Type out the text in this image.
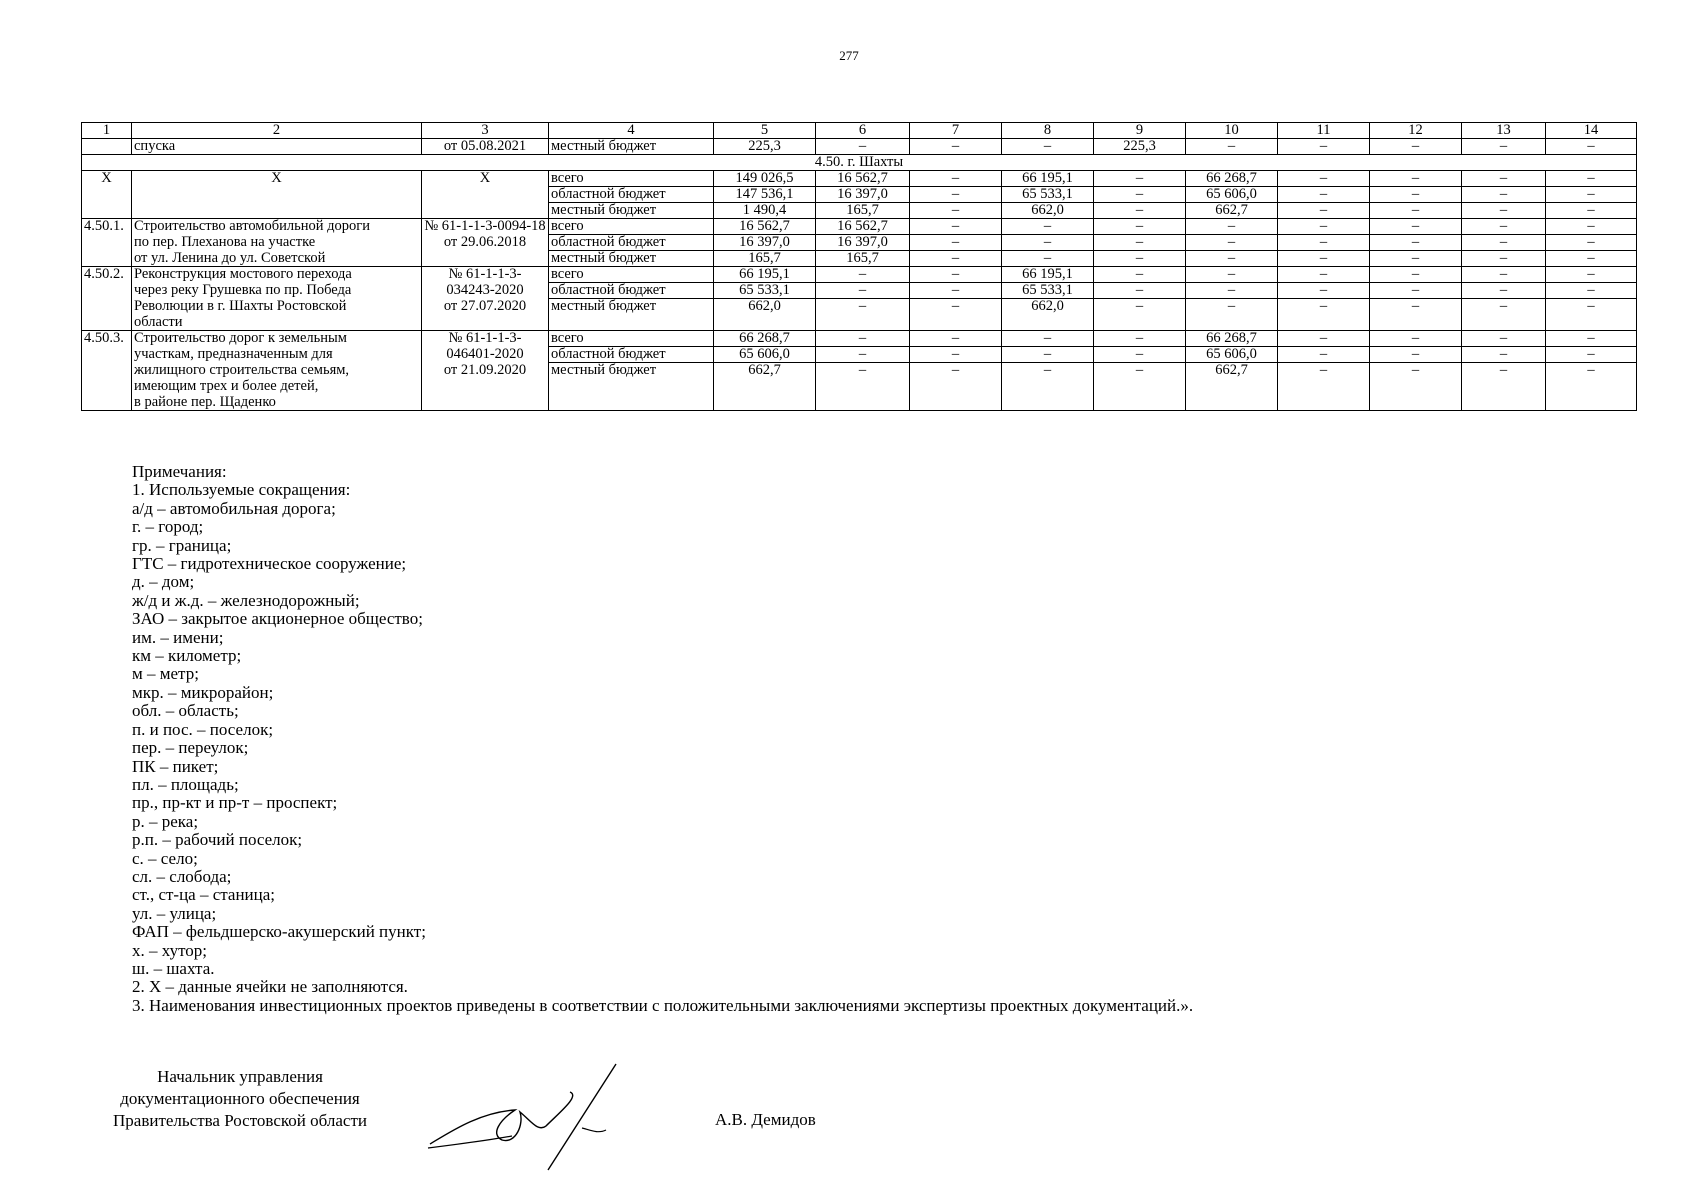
277
1	2	3	4	5	6	7	8	9	10	11	12	13	14
	спуска	от 05.08.2021	местный бюджет	225,3	–	–	–	225,3	–	–	–	–	–
4.50. г. Шахты													
X	X	X	всего	149 026,5	16 562,7	–	66 195,1	–	66 268,7	–	–	–	–
			областной бюджет	147 536,1	16 397,0	–	65 533,1	–	65 606,0	–	–	–	–
			местный бюджет	1 490,4	165,7	–	662,0	–	662,7	–	–	–	–
4.50.1.	Строительство автомобильной дороги	№ 61-1-1-3-0094-18	всего	16 562,7	16 562,7	–	–	–	–	–	–	–	–
	по пер. Плеханова на участке	от 29.06.2018	областной бюджет	16 397,0	16 397,0	–	–	–	–	–	–	–	–
	от ул. Ленина до ул. Советской		местный бюджет	165,7	165,7	–	–	–	–	–	–	–	–
4.50.2.	Реконструкция мостового перехода	№ 61-1-1-3-	всего	66 195,1	–	–	66 195,1	–	–	–	–	–	–
	через реку Грушевка по пр. Победа	034243-2020	областной бюджет	65 533,1	–	–	65 533,1	–	–	–	–	–	–
	Революции в г. Шахты Ростовской	от 27.07.2020	местный бюджет	662,0	–	–	662,0	–	–	–	–	–	–
	области												
4.50.3.	Строительство дорог к земельным	№ 61-1-1-3-	всего	66 268,7	–	–	–	–	66 268,7	–	–	–	–
	участкам, предназначенным для	046401-2020	областной бюджет	65 606,0	–	–	–	–	65 606,0	–	–	–	–
	жилищного строительства семьям,	от 21.09.2020	местный бюджет	662,7	–	–	–	–	662,7	–	–	–	–
	имеющим трех и более детей,												
	в районе пер. Щаденко												
Примечания:
1. Используемые сокращения:
а/д – автомобильная дорога;
г. – город;
гр. – граница;
ГТС – гидротехническое сооружение;
д. – дом;
ж/д и ж.д. – железнодорожный;
ЗАО – закрытое акционерное общество;
им. – имени;
км – километр;
м – метр;
мкр. – микрорайон;
обл. – область;
п. и пос. – поселок;
пер. – переулок;
ПК – пикет;
пл. – площадь;
пр., пр-кт и пр-т – проспект;
р. – река;
р.п. – рабочий поселок;
с. – село;
сл. – слобода;
ст., ст-ца – станица;
ул. – улица;
ФАП – фельдшерско-акушерский пункт;
х. – хутор;
ш. – шахта.
2. X – данные ячейки не заполняются.
3. Наименования инвестиционных проектов приведены в соответствии с положительными заключениями экспертизы проектных документаций.».
Начальник управления
документационного обеспечения
Правительства Ростовской области	А.В. Демидов
